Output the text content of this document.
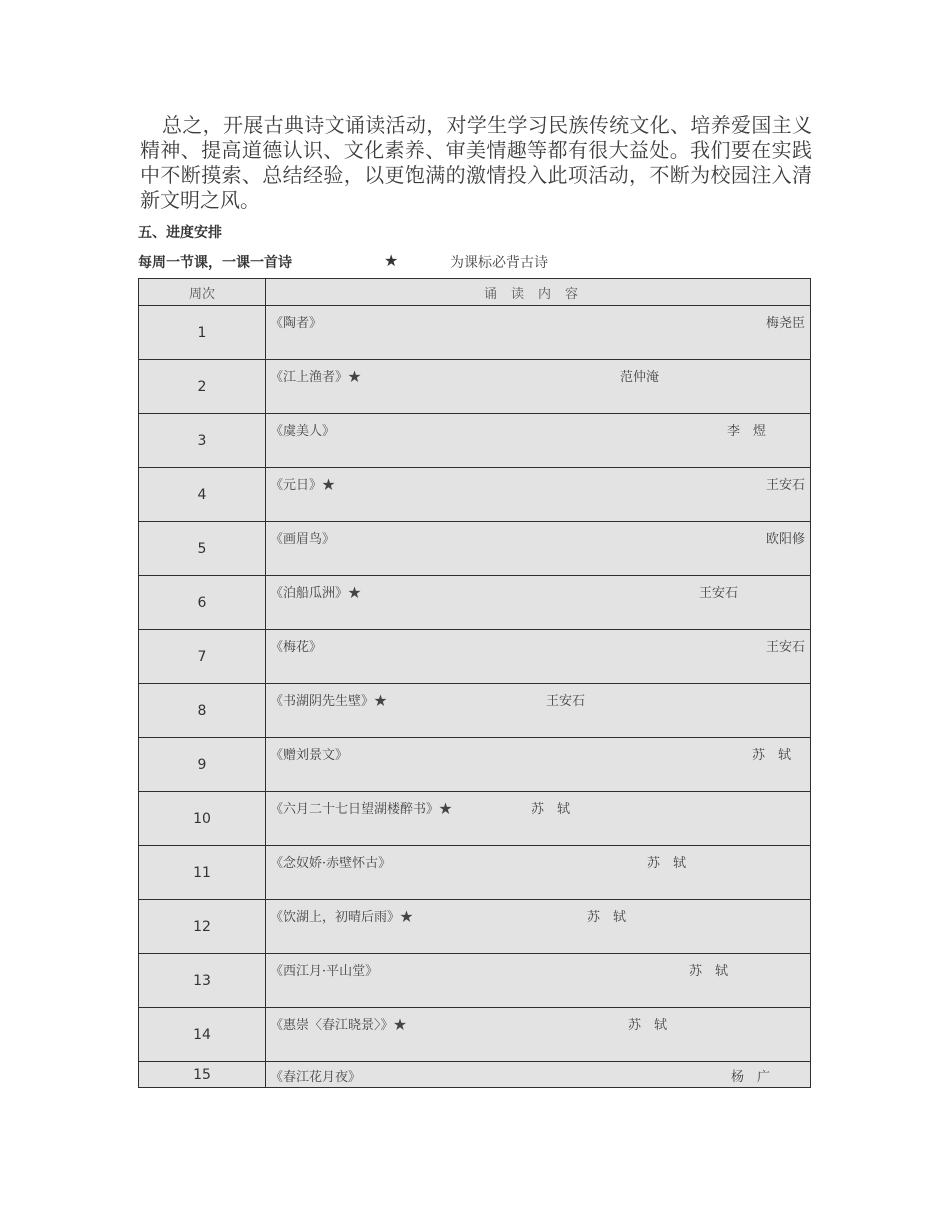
总之，开展古典诗文诵读活动，对学生学习民族传统文化、培养爱国主义精神、提高道德认识、文化素养、审美情趣等都有很大益处。我们要在实践中不断摸索、总结经验，以更饱满的激情投入此项活动，不断为校园注入清新文明之风。

五、进度安排
每周一节课，一课一首诗	★	为课标必背古诗
周次	诵读内容
1	《陶者》 梅尧臣

2	《江上渔者》★ 范仲淹

3	《虞美人》 李　煜

4	《元日》★ 王安石

5	《画眉鸟》 欧阳修

6	《泊船瓜洲》★ 王安石

7	《梅花》 王安石

8	《书湖阴先生壁》★ 王安石

9	《赠刘景文》 苏　轼

10	《六月二十七日望湖楼醉书》★ 苏　轼

11	《念奴娇·赤壁怀古》 苏　轼

12	《饮湖上，初晴后雨》★ 苏　轼

13	《西江月·平山堂》 苏　轼

14	《惠崇〈春江晓景〉》★ 苏　轼

15	《春江花月夜》 杨　广
